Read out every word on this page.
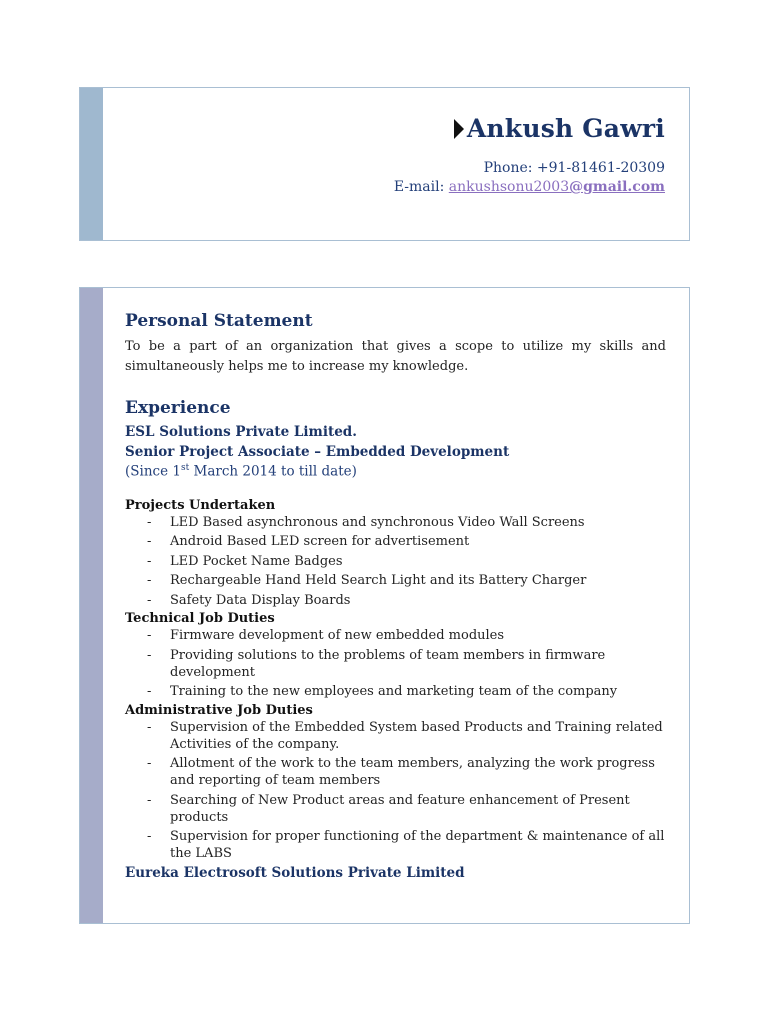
Ankush Gawri
Phone: +91-81461-20309
E-mail: ankushsonu2003@gmail.com
Personal Statement

To be a part of an organization that gives a scope to utilize my skills and simultaneously helps me to increase my knowledge.

Experience
ESL Solutions Private Limited.
Senior Project Associate – Embedded Development
(Since 1st March 2014 to till date)
Projects Undertaken
- LED Based asynchronous and synchronous Video Wall Screens
- Android Based LED screen for advertisement
- LED Pocket Name Badges
- Rechargeable Hand Held Search Light and its Battery Charger
- Safety Data Display Boards
Technical Job Duties
- Firmware development of new embedded modules
- Providing solutions to the problems of team members in firmware development
- Training to the new employees and marketing team of the company
Administrative Job Duties
- Supervision of the Embedded System based Products and Training related Activities of the company.
- Allotment of the work to the team members, analyzing the work progress and reporting of team members
- Searching of New Product areas and feature enhancement of Present products
- Supervision for proper functioning of the department & maintenance of all the LABS
Eureka Electrosoft Solutions Private Limited
